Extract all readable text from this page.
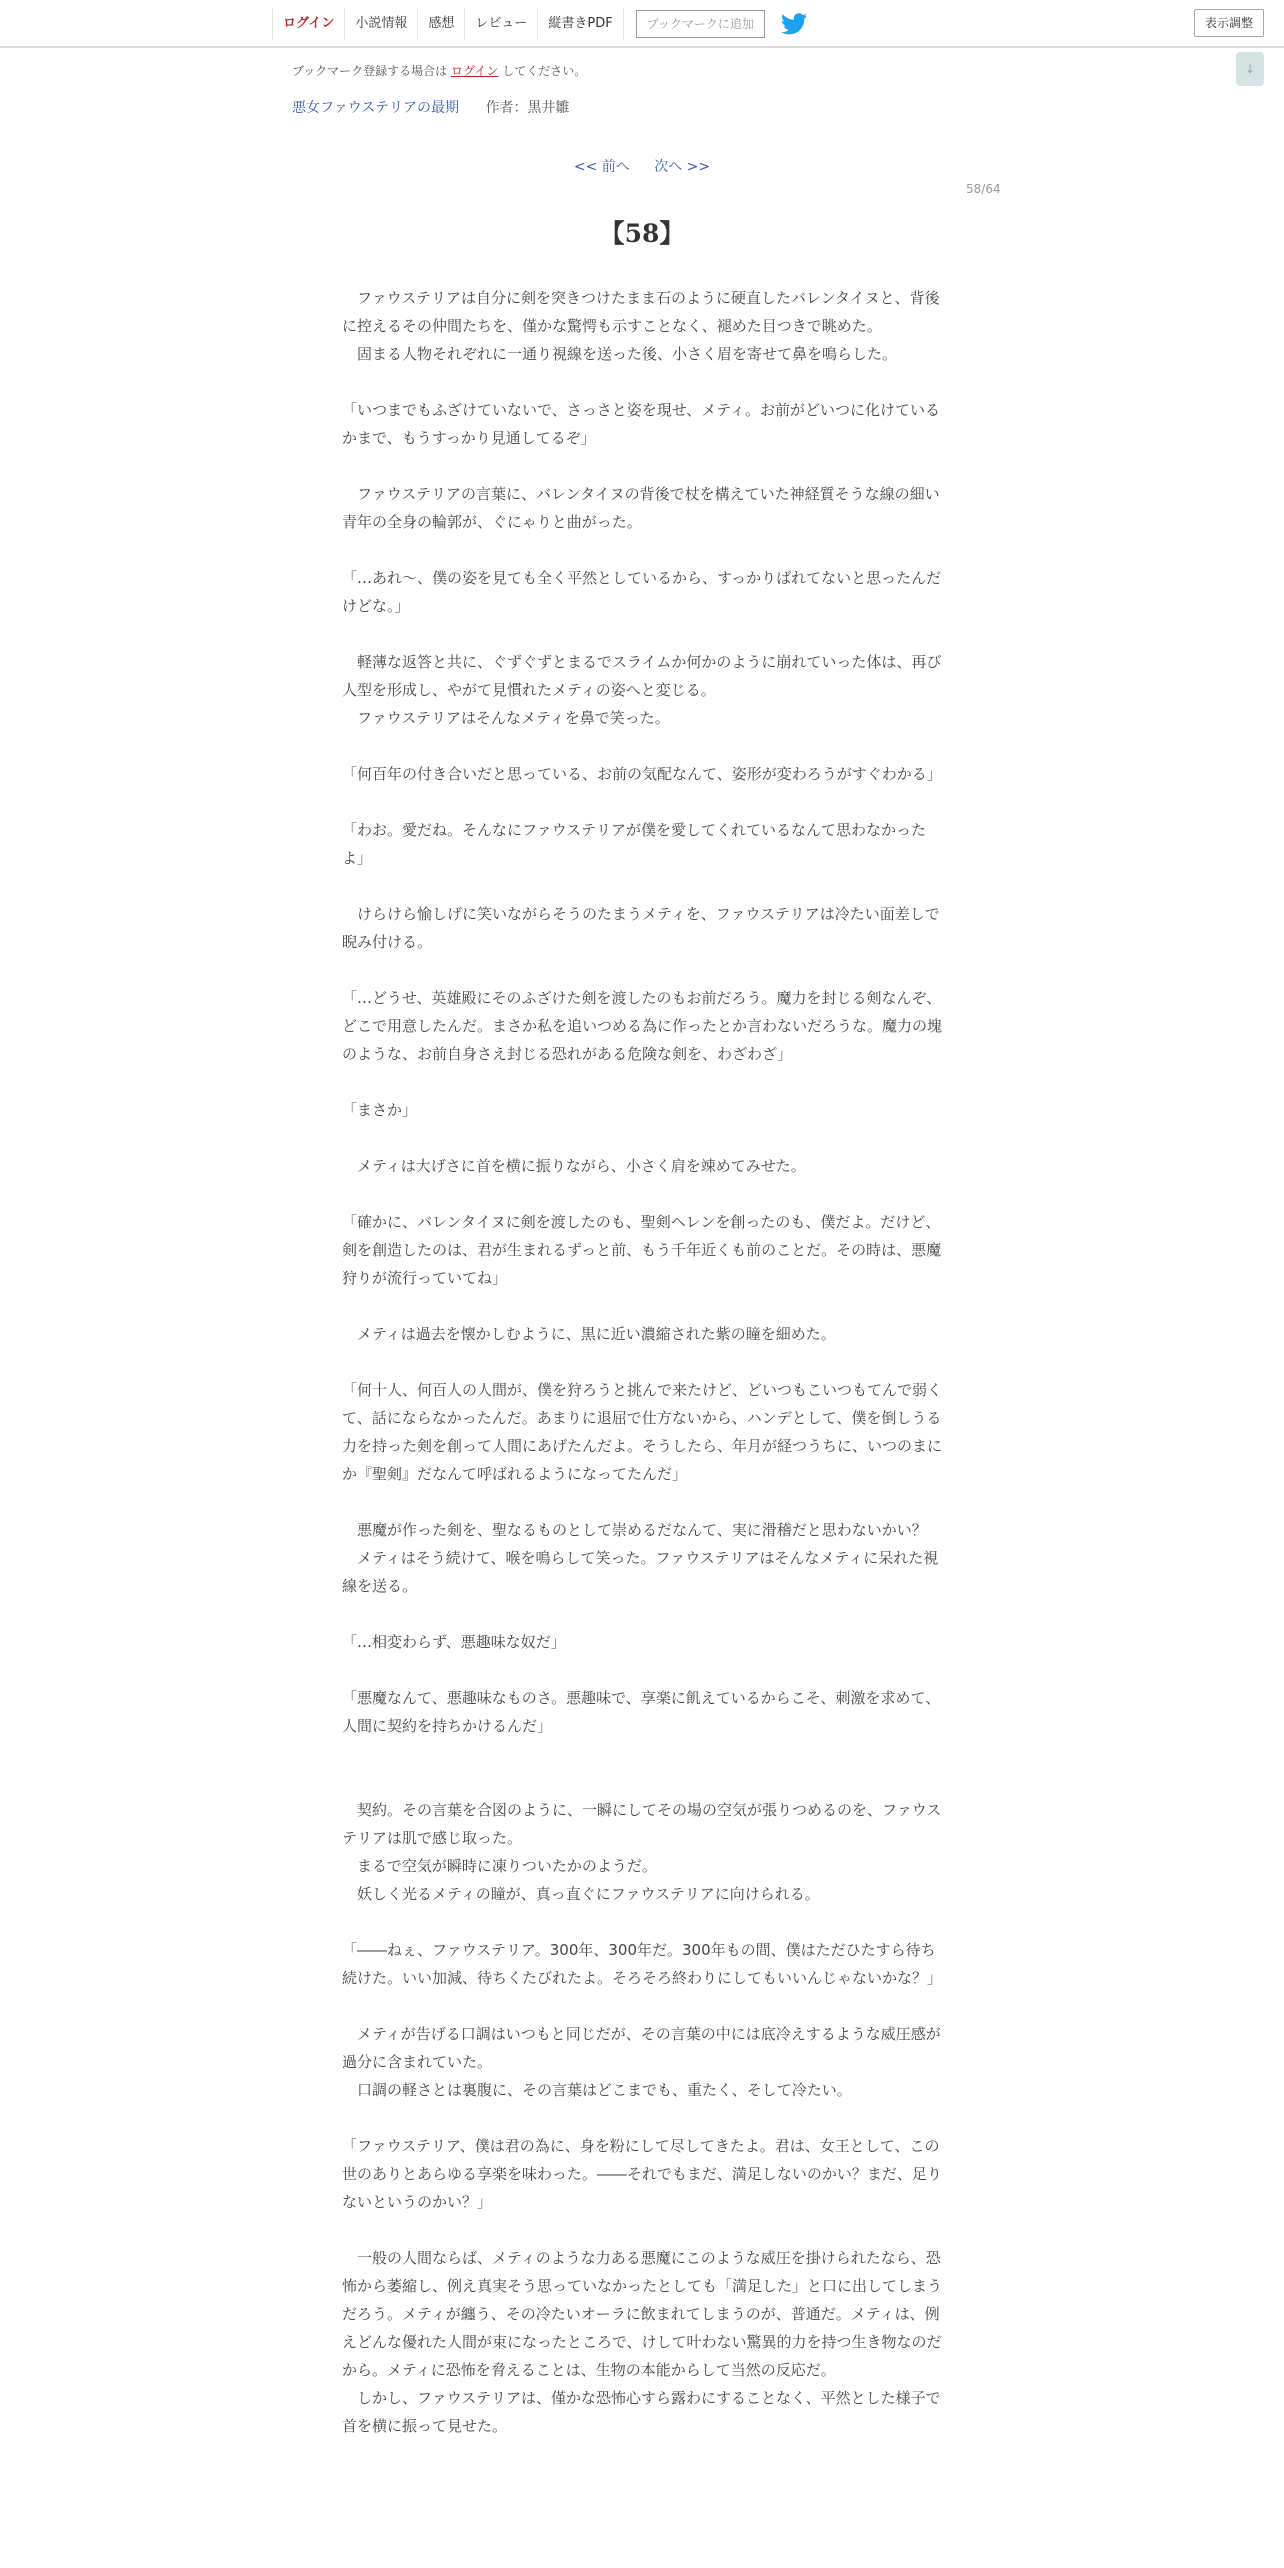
ログイン	小説情報	感想	レビュー	縦書きPDF	ブックマークに追加	表示調整
ブックマーク登録する場合は ログイン してください。	↓
悪女ファウステリアの最期 作者：黒井雛
<< 前へ 次へ >>
58/64
【58】
　ファウステリアは自分に剣を突きつけたまま石のように硬直したバレンタイヌと、背後に控えるその仲間たちを、僅かな驚愕も示すことなく、褪めた目つきで眺めた。
　固まる人物それぞれに一通り視線を送った後、小さく眉を寄せて鼻を鳴らした。
「いつまでもふざけていないで、さっさと姿を現せ、メティ。お前がどいつに化けているかまで、もうすっかり見通してるぞ」
　ファウステリアの言葉に、バレンタイヌの背後で杖を構えていた神経質そうな線の細い青年の全身の輪郭が、ぐにゃりと曲がった。
「…あれ～、僕の姿を見ても全く平然としているから、すっかりばれてないと思ったんだけどな。」
　軽薄な返答と共に、ぐずぐずとまるでスライムか何かのように崩れていった体は、再び人型を形成し、やがて見慣れたメティの姿へと変じる。
　ファウステリアはそんなメティを鼻で笑った。
「何百年の付き合いだと思っている、お前の気配なんて、姿形が変わろうがすぐわかる」
「わお。愛だね。そんなにファウステリアが僕を愛してくれているなんて思わなかったよ」
　けらけら愉しげに笑いながらそうのたまうメティを、ファウステリアは冷たい面差しで睨み付ける。
「…どうせ、英雄殿にそのふざけた剣を渡したのもお前だろう。魔力を封じる剣なんぞ、どこで用意したんだ。まさか私を追いつめる為に作ったとか言わないだろうな。魔力の塊のような、お前自身さえ封じる恐れがある危険な剣を、わざわざ」
「まさか」
　メティは大げさに首を横に振りながら、小さく肩を竦めてみせた。
「確かに、バレンタイヌに剣を渡したのも、聖剣ヘレンを創ったのも、僕だよ。だけど、剣を創造したのは、君が生まれるずっと前、もう千年近くも前のことだ。その時は、悪魔狩りが流行っていてね」
　メティは過去を懐かしむように、黒に近い濃縮された紫の瞳を細めた。
「何十人、何百人の人間が、僕を狩ろうと挑んで来たけど、どいつもこいつもてんで弱くて、話にならなかったんだ。あまりに退屈で仕方ないから、ハンデとして、僕を倒しうる力を持った剣を創って人間にあげたんだよ。そうしたら、年月が経つうちに、いつのまにか『聖剣』だなんて呼ばれるようになってたんだ」
　悪魔が作った剣を、聖なるものとして崇めるだなんて、実に滑稽だと思わないかい？
　メティはそう続けて、喉を鳴らして笑った。ファウステリアはそんなメティに呆れた視線を送る。
「…相変わらず、悪趣味な奴だ」
「悪魔なんて、悪趣味なものさ。悪趣味で、享楽に飢えているからこそ、刺激を求めて、人間に契約を持ちかけるんだ」
　契約。その言葉を合図のように、一瞬にしてその場の空気が張りつめるのを、ファウステリアは肌で感じ取った。
　まるで空気が瞬時に凍りついたかのようだ。
　妖しく光るメティの瞳が、真っ直ぐにファウステリアに向けられる。
「――ねぇ、ファウステリア。300年、300年だ。300年もの間、僕はただひたすら待ち続けた。いい加減、待ちくたびれたよ。そろそろ終わりにしてもいいんじゃないかな？」
　メティが告げる口調はいつもと同じだが、その言葉の中には底冷えするような威圧感が過分に含まれていた。
　口調の軽さとは裏腹に、その言葉はどこまでも、重たく、そして冷たい。
「ファウステリア、僕は君の為に、身を粉にして尽してきたよ。君は、女王として、この世のありとあらゆる享楽を味わった。――それでもまだ、満足しないのかい？まだ、足りないというのかい？」
　一般の人間ならば、メティのような力ある悪魔にこのような威圧を掛けられたなら、恐怖から萎縮し、例え真実そう思っていなかったとしても「満足した」と口に出してしまうだろう。メティが纏う、その冷たいオーラに飲まれてしまうのが、普通だ。メティは、例えどんな優れた人間が束になったところで、けして叶わない驚異的力を持つ生き物なのだから。メティに恐怖を脅えることは、生物の本能からして当然の反応だ。
　しかし、ファウステリアは、僅かな恐怖心すら露わにすることなく、平然とした様子で首を横に振って見せた。
